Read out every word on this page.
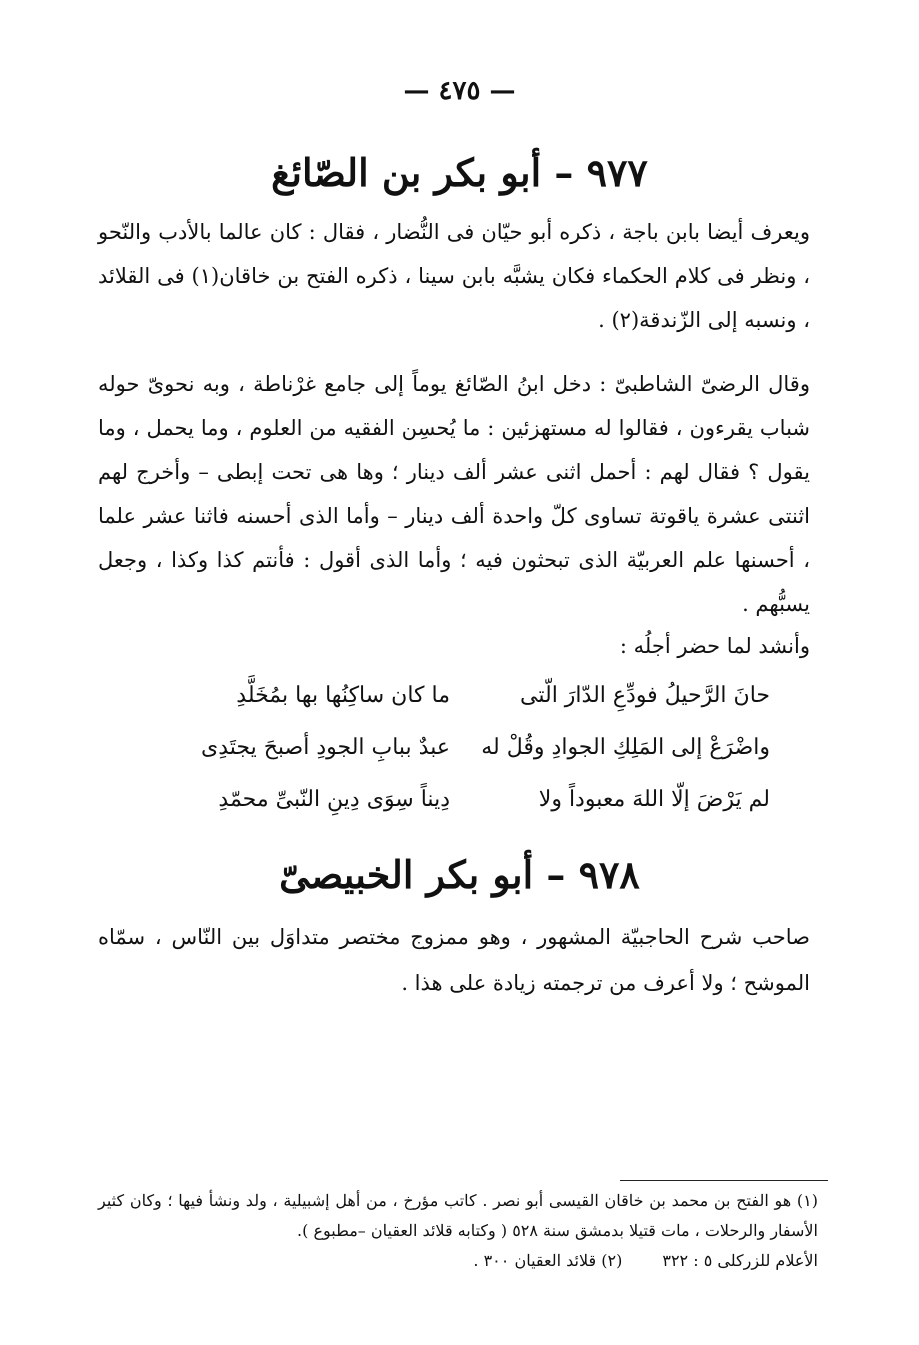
— ٤٧٥ —
٩٧٧ – أبو بكر بن الصّائغ
ويعرف أيضا بابن باجة ، ذكره أبو حيّان فى النُّضار ، فقال : كان عالما بالأدب والنّحو ، ونظر فى كلام الحكماء فكان يشبَّه بابن سينا ، ذكره الفتح بن خاقان(١) فى القلائد ، ونسبه إلى الزّندقة(٢) .
وقال الرضىّ الشاطبىّ : دخل ابنُ الصّائغ يوماً إلى جامع غرْناطة ، وبه نحوىّ حوله شباب يقرءون ، فقالوا له مستهزئين : ما يُحسِن الفقيه من العلوم ، وما يحمل ، وما يقول ؟ فقال لهم : أحمل اثنى عشر ألف دينار ؛ وها هى تحت إبطى – وأخرج لهم اثنتى عشرة ياقوتة تساوى كلّ واحدة ألف دينار – وأما الذى أحسنه فاثنا عشر علما ، أحسنها علم العربيّة الذى تبحثون فيه ؛ وأما الذى أقول : فأنتم كذا وكذا ، وجعل يسبُّهم .
وأنشد لما حضر أجلُه :
حانَ الرَّحيلُ فودِّعِ الدّارَ الّتى
ما كان ساكِنُها بها بمُخَلَّدِ
واضْرَعْ إلى المَلِكِ الجوادِ وقُلْ له
عبدٌ ببابِ الجودِ أصبحَ يجتَدِى
لم يَرْضَ إلّا اللهَ معبوداً ولا
دِيناً سِوَى دِينِ النّبىِّ محمّدِ
٩٧٨ – أبو بكر الخبيصىّ
صاحب شرح الحاجبيّة المشهور ، وهو ممزوج مختصر متداوَل بين النّاس ، سمّاه الموشح ؛ ولا أعرف من ترجمته زيادة على هذا .
(١) هو الفتح بن محمد بن خاقان القيسى أبو نصر . كاتب مؤرخ ، من أهل إشبيلية ، ولد ونشأ فيها ؛ وكان كثير الأسفار والرحلات ، مات قتيلا بدمشق سنة ٥٢٨ ( وكتابه قلائد العقيان –مطبوع ).
الأعلام للزركلى ٥ : ٣٢٢
(٢) قلائد العقيان ٣٠٠ .
